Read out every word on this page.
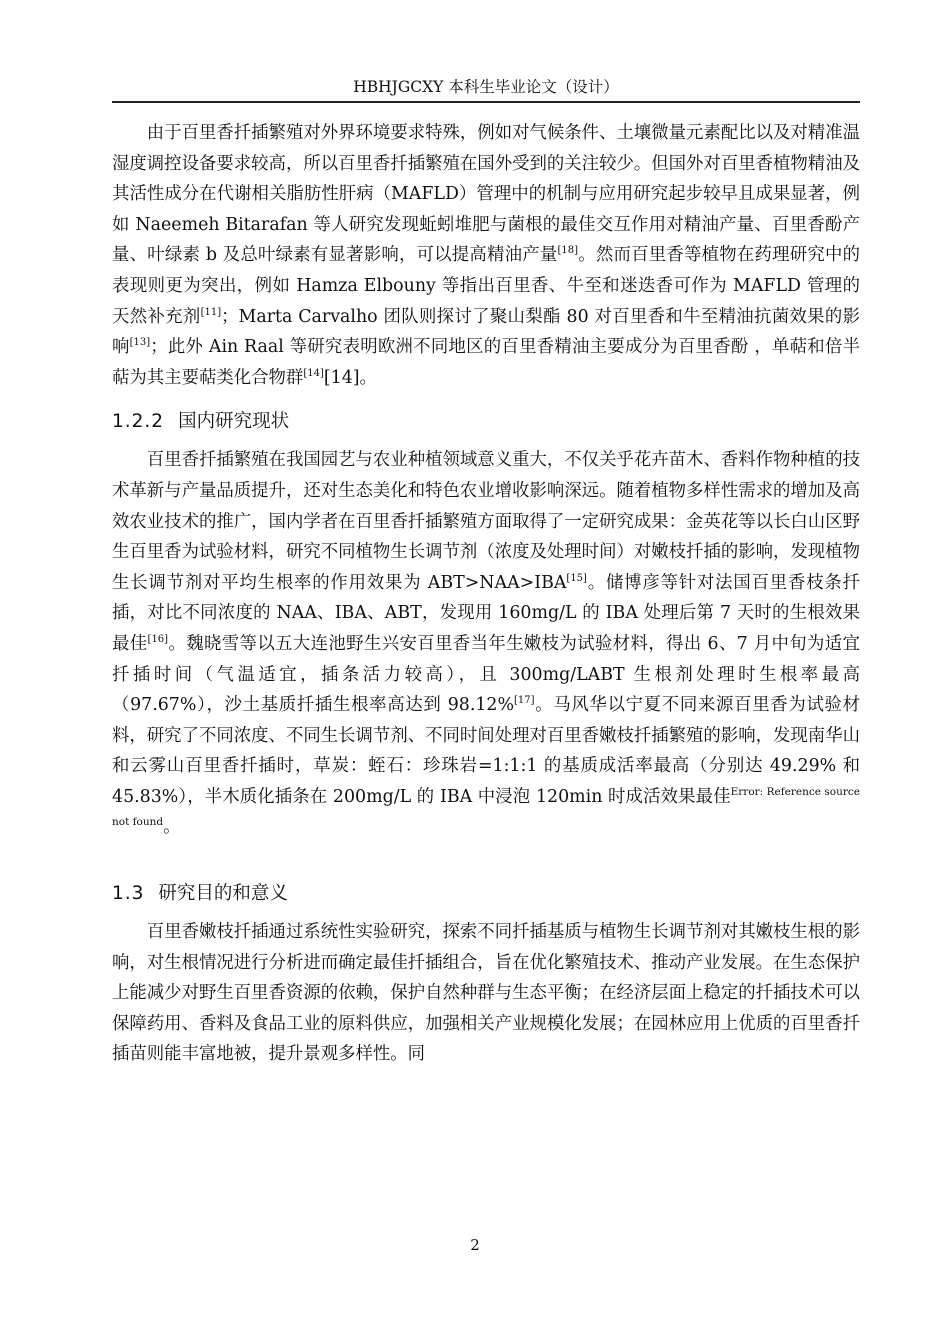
HBHJGCXY 本科生毕业论文（设计）

由于百里香扦插繁殖对外界环境要求特殊，例如对气候条件、土壤微量元素配比以及对精准温湿度调控设备要求较高，所以百里香扦插繁殖在国外受到的关注较少。但国外对百里香植物精油及其活性成分在代谢相关脂肪性肝病（MAFLD）管理中的机制与应用研究起步较早且成果显著，例如 Naeemeh Bitarafan 等人研究发现蚯蚓堆肥与菌根的最佳交互作用对精油产量、百里香酚产量、叶绿素 b 及总叶绿素有显著影响，可以提高精油产量[18]。然而百里香等植物在药理研究中的表现则更为突出，例如 Hamza Elbouny 等指出百里香、牛至和迷迭香可作为 MAFLD 管理的天然补充剂[11]；Marta Carvalho 团队则探讨了聚山梨酯 80 对百里香和牛至精油抗菌效果的影响[13]；此外 Ain Raal 等研究表明欧洲不同地区的百里香精油主要成分为百里香酚 ，单萜和倍半萜为其主要萜类化合物群[14][14]。

1.2.2 国内研究现状

百里香扦插繁殖在我国园艺与农业种植领域意义重大，不仅关乎花卉苗木、香料作物种植的技术革新与产量品质提升，还对生态美化和特色农业增收影响深远。随着植物多样性需求的增加及高效农业技术的推广，国内学者在百里香扦插繁殖方面取得了一定研究成果：金英花等以长白山区野生百里香为试验材料，研究不同植物生长调节剂（浓度及处理时间）对嫩枝扦插的影响，发现植物生长调节剂对平均生根率的作用效果为 ABT>NAA>IBA[15]。储博彦等针对法国百里香枝条扦插，对比不同浓度的 NAA、IBA、ABT，发现用 160mg/L 的 IBA 处理后第 7 天时的生根效果最佳[16]。魏晓雪等以五大连池野生兴安百里香当年生嫩枝为试验材料，得出 6、7 月中旬为适宜扦插时间（气温适宜，插条活力较高），且 300mg/LABT 生根剂处理时生根率最高（97.67%），沙土基质扦插生根率高达到 98.12%[17]。马风华以宁夏不同来源百里香为试验材料，研究了不同浓度、不同生长调节剂、不同时间处理对百里香嫩枝扦插繁殖的影响，发现南华山和云雾山百里香扦插时，草炭：蛭石：珍珠岩=1:1:1 的基质成活率最高（分别达 49.29% 和 45.83%），半木质化插条在 200mg/L 的 IBA 中浸泡 120min 时成活效果最佳$^{Error: Reference source not found}$。

1.3 研究目的和意义

百里香嫩枝扦插通过系统性实验研究，探索不同扦插基质与植物生长调节剂对其嫩枝生根的影响，对生根情况进行分析进而确定最佳扦插组合，旨在优化繁殖技术、推动产业发展。在生态保护上能减少对野生百里香资源的依赖，保护自然种群与生态平衡；在经济层面上稳定的扦插技术可以保障药用、香料及食品工业的原料供应，加强相关产业规模化发展；在园林应用上优质的百里香扦插苗则能丰富地被，提升景观多样性。同

2
